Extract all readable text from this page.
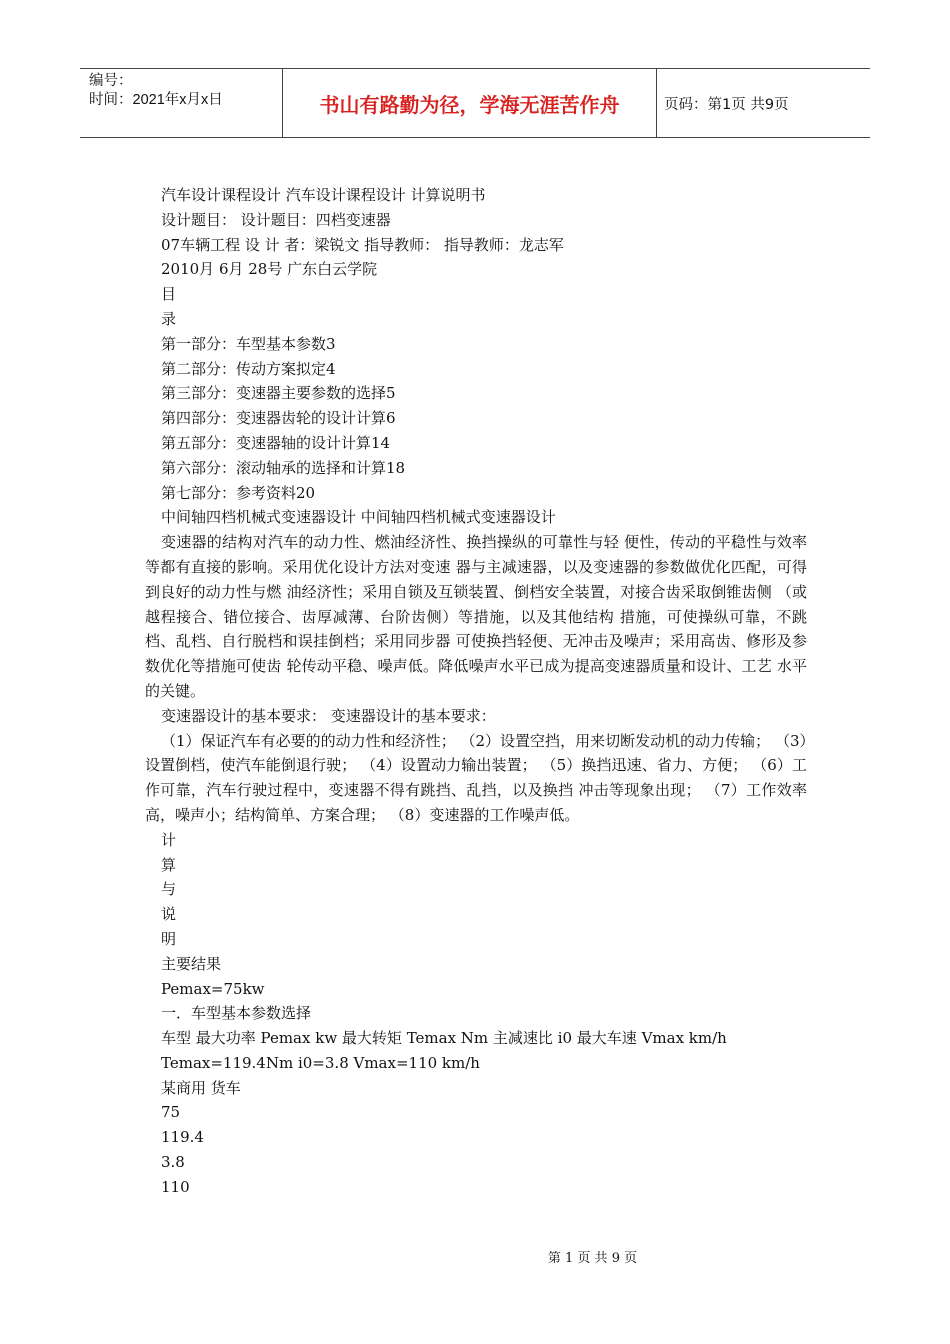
编号：
时间：2021年x月x日	书山有路勤为径，学海无涯苦作舟	页码：第1页 共9页
汽车设计课程设计 汽车设计课程设计 计算说明书
设计题目： 设计题目：四档变速器
07车辆工程 设 计 者：梁锐文 指导教师： 指导教师：龙志军
2010月 6月 28号 广东白云学院
目
录
第一部分：车型基本参数3
第二部分：传动方案拟定4
第三部分：变速器主要参数的选择5
第四部分：变速器齿轮的设计计算6
第五部分：变速器轴的设计计算14
第六部分：滚动轴承的选择和计算18
第七部分：参考资料20
中间轴四档机械式变速器设计 中间轴四档机械式变速器设计
变速器的结构对汽车的动力性、燃油经济性、换挡操纵的可靠性与轻 便性，传动的平稳性与效率等都有直接的影响。采用优化设计方法对变速 器与主减速器，以及变速器的参数做优化匹配，可得到良好的动力性与燃 油经济性；采用自锁及互锁装置、倒档安全装置，对接合齿采取倒锥齿侧 （或越程接合、错位接合、齿厚减薄、台阶齿侧）等措施，以及其他结构 措施，可使操纵可靠，不跳档、乱档、自行脱档和误挂倒档；采用同步器 可使换挡轻便、无冲击及噪声；采用高齿、修形及参数优化等措施可使齿 轮传动平稳、噪声低。降低噪声水平已成为提高变速器质量和设计、工艺 水平的关键。
变速器设计的基本要求： 变速器设计的基本要求：
（1）保证汽车有必要的的动力性和经济性； （2）设置空挡，用来切断发动机的动力传输； （3）设置倒档，使汽车能倒退行驶； （4）设置动力输出装置； （5）换挡迅速、省力、方便； （6）工作可靠，汽车行驶过程中，变速器不得有跳挡、乱挡，以及换挡 冲击等现象出现； （7）工作效率高，噪声小；结构简单、方案合理； （8）变速器的工作噪声低。
计
算
与
说
明
主要结果
Pemax=75kw
一．车型基本参数选择
车型 最大功率 Pemax kw 最大转矩 Temax Nm 主减速比 i0 最大车速 Vmax km/h
Temax=119.4Nm i0=3.8 Vmax=110 km/h
某商用 货车
75
119.4
3.8
110
第 1 页 共 9 页
